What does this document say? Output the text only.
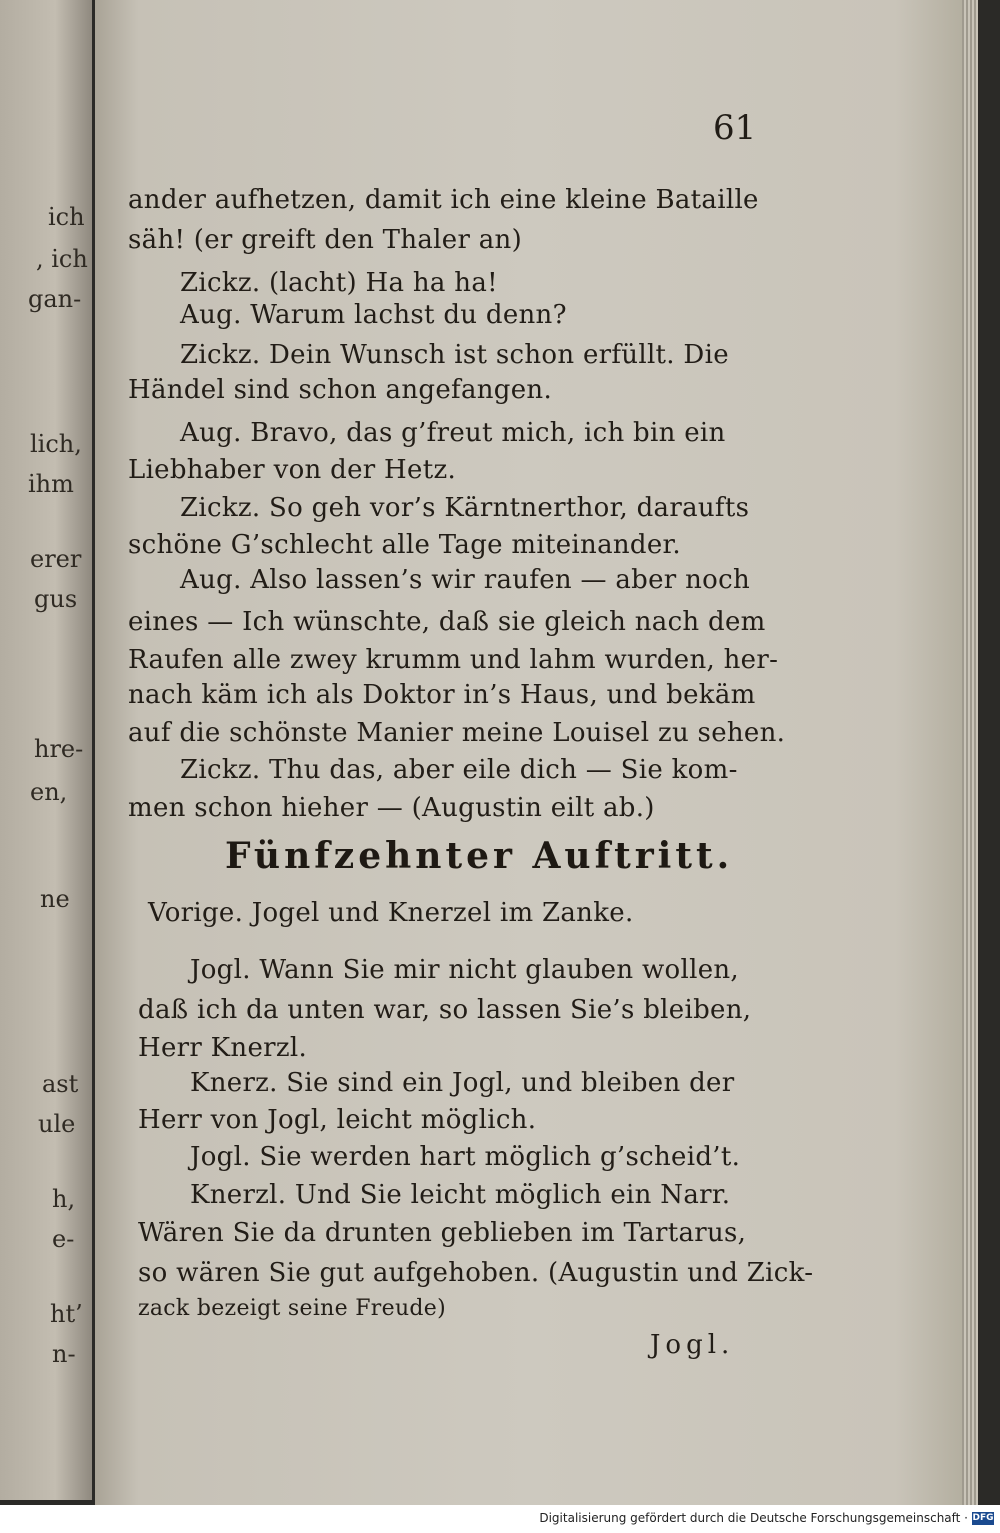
ich
, ich
gan-
lich,
ihm
erer
gus
hre-
en,
ne
ast
ule
h,
e-
ht’
n-
61
ander aufhetzen, damit ich eine kleine Bataille
säh! (er greift den Thaler an)
Zickz. (lacht) Ha ha ha!
Aug. Warum lachst du denn?
Zickz. Dein Wunsch ist schon erfüllt. Die
Händel sind schon angefangen.
Aug. Bravo, das g’freut mich, ich bin ein
Liebhaber von der Hetz.
Zickz. So geh vor’s Kärntnerthor, daraufts
schöne G’schlecht alle Tage miteinander.
Aug. Also lassen’s wir raufen — aber noch
eines — Ich wünschte, daß sie gleich nach dem
Raufen alle zwey krumm und lahm wurden, her-
nach käm ich als Doktor in’s Haus, und bekäm
auf die schönste Manier meine Louisel zu sehen.
Zickz. Thu das, aber eile dich — Sie kom-
men schon hieher — (Augustin eilt ab.)
Fünfzehnter Auftritt.
Vorige. Jogel und Knerzel im Zanke.
Jogl. Wann Sie mir nicht glauben wollen,
daß ich da unten war, so lassen Sie’s bleiben,
Herr Knerzl.
Knerz. Sie sind ein Jogl, und bleiben der
Herr von Jogl, leicht möglich.
Jogl. Sie werden hart möglich g’scheid’t.
Knerzl. Und Sie leicht möglich ein Narr.
Wären Sie da drunten geblieben im Tartarus,
so wären Sie gut aufgehoben. (Augustin und Zick-
zack bezeigt seine Freude)
Jogl.
Digitalisierung gefördert durch die Deutsche Forschungsgemeinschaft · DFG
